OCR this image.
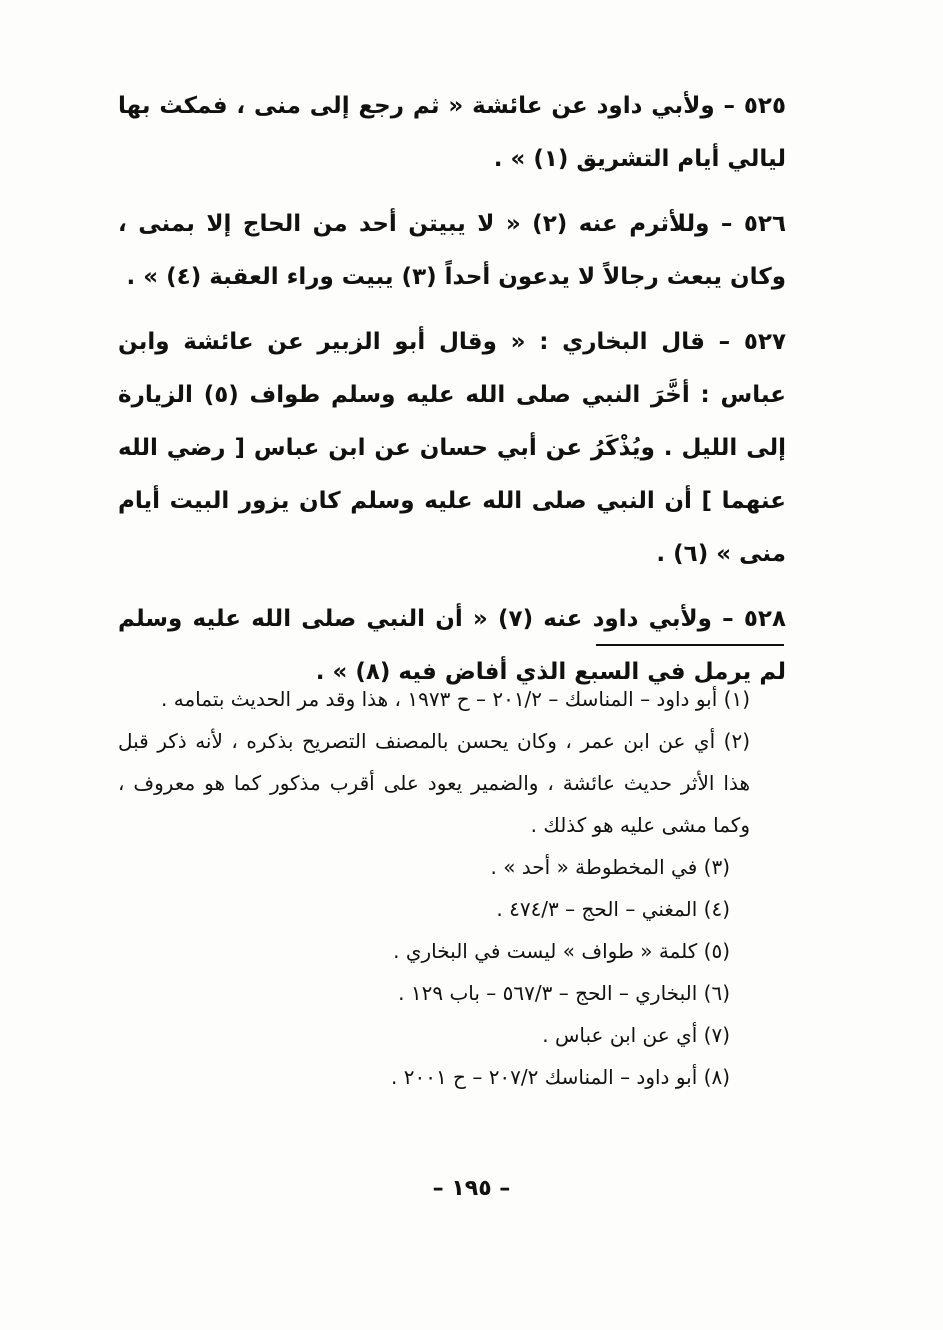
٥٢٥ – ولأبي داود عن عائشة « ثم رجع إلى منى ، فمكث بها ليالي أيام التشريق (١) » .

٥٢٦ – وللأثرم عنه (٢) « لا يبيتن أحد من الحاج إلا بمنى ، وكان يبعث رجالاً لا يدعون أحداً (٣) يبيت وراء العقبة (٤) » .

٥٢٧ – قال البخاري : « وقال أبو الزبير عن عائشة وابن عباس : أخَّرَ النبي صلى الله عليه وسلم طواف (٥) الزيارة إلى الليل . ويُذْكَرُ عن أبي حسان عن ابن عباس [ رضي الله عنهما ] أن النبي صلى الله عليه وسلم كان يزور البيت أيام منى » (٦) .

٥٢٨ – ولأبي داود عنه (٧) « أن النبي صلى الله عليه وسلم لم يرمل في السبع الذي أفاض فيه (٨) » .

(١) أبو داود – المناسك – ٢٠١/٢ – ح ١٩٧٣ ، هذا وقد مر الحديث بتمامه .

(٢) أي عن ابن عمر ، وكان يحسن بالمصنف التصريح بذكره ، لأنه ذكر قبل هذا الأثر حديث عائشة ، والضمير يعود على أقرب مذكور كما هو معروف ، وكما مشى عليه هو كذلك .

(٣) في المخطوطة « أحد » .

(٤) المغني – الحج – ٤٧٤/٣ .

(٥) كلمة « طواف » ليست في البخاري .

(٦) البخاري – الحج – ٥٦٧/٣ – باب ١٢٩ .

(٧) أي عن ابن عباس .

(٨) أبو داود – المناسك ٢٠٧/٢ – ح ٢٠٠١ .

– ١٩٥ –
